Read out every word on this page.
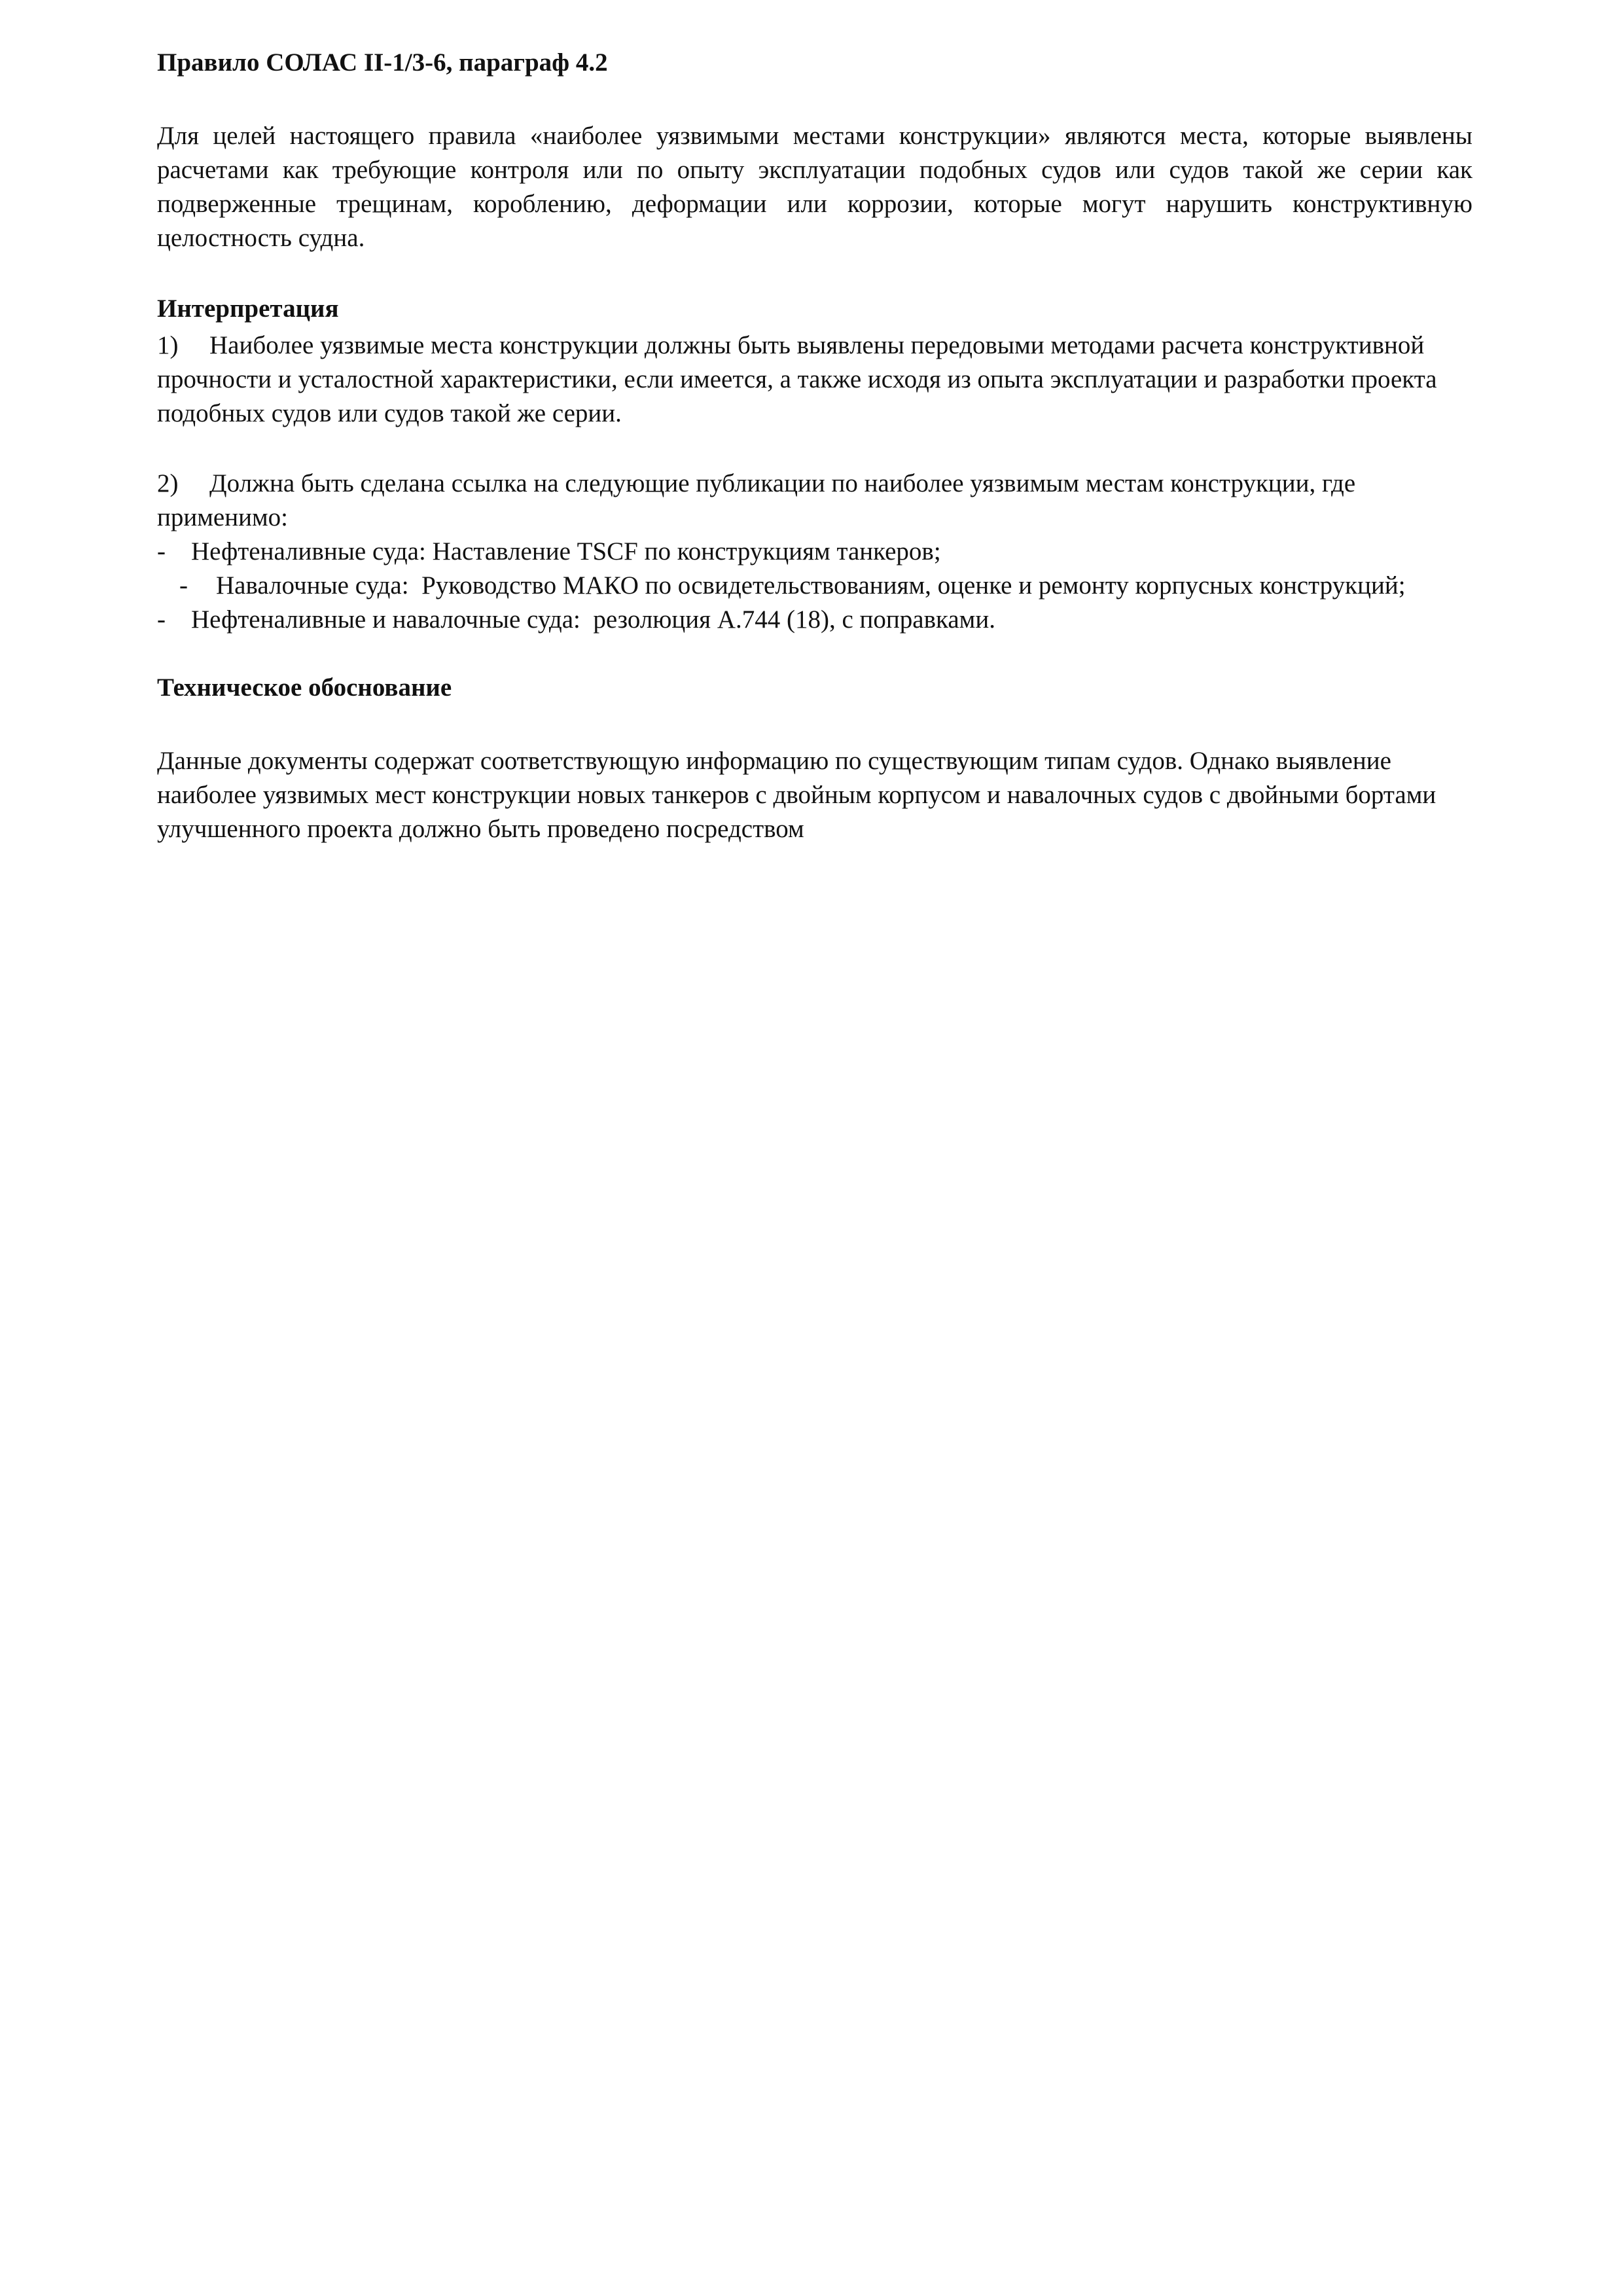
Правило СОЛАС II-1/3-6, параграф 4.2

Для целей настоящего правила «наиболее уязвимыми местами конструкции» являются места, которые выявлены расчетами как требующие контроля или по опыту эксплуатации подобных судов или судов такой же серии как подверженные трещинам, короблению, деформации или коррозии, которые могут нарушить конструктивную целостность судна.

Интерпретация

1) Наиболее уязвимые места конструкции должны быть выявлены передовыми методами расчета конструктивной прочности и усталостной характеристики, если имеется, а также исходя из опыта эксплуатации и разработки проекта подобных судов или судов такой же серии.

2) Должна быть сделана ссылка на следующие публикации по наиболее уязвимым местам конструкции, где применимо:

- Нефтеналивные суда: Наставление TSCF по конструкциям танкеров;
- Навалочные суда: Руководство МАКО по освидетельствованиям, оценке и ремонту корпусных конструкций;
- Нефтеналивные и навалочные суда: резолюция A.744 (18), с поправками.

Техническое обоснование

Данные документы содержат соответствующую информацию по существующим типам судов. Однако выявление наиболее уязвимых мест конструкции новых танкеров с двойным корпусом и навалочных судов с двойными бортами улучшенного проекта должно быть проведено посредством
